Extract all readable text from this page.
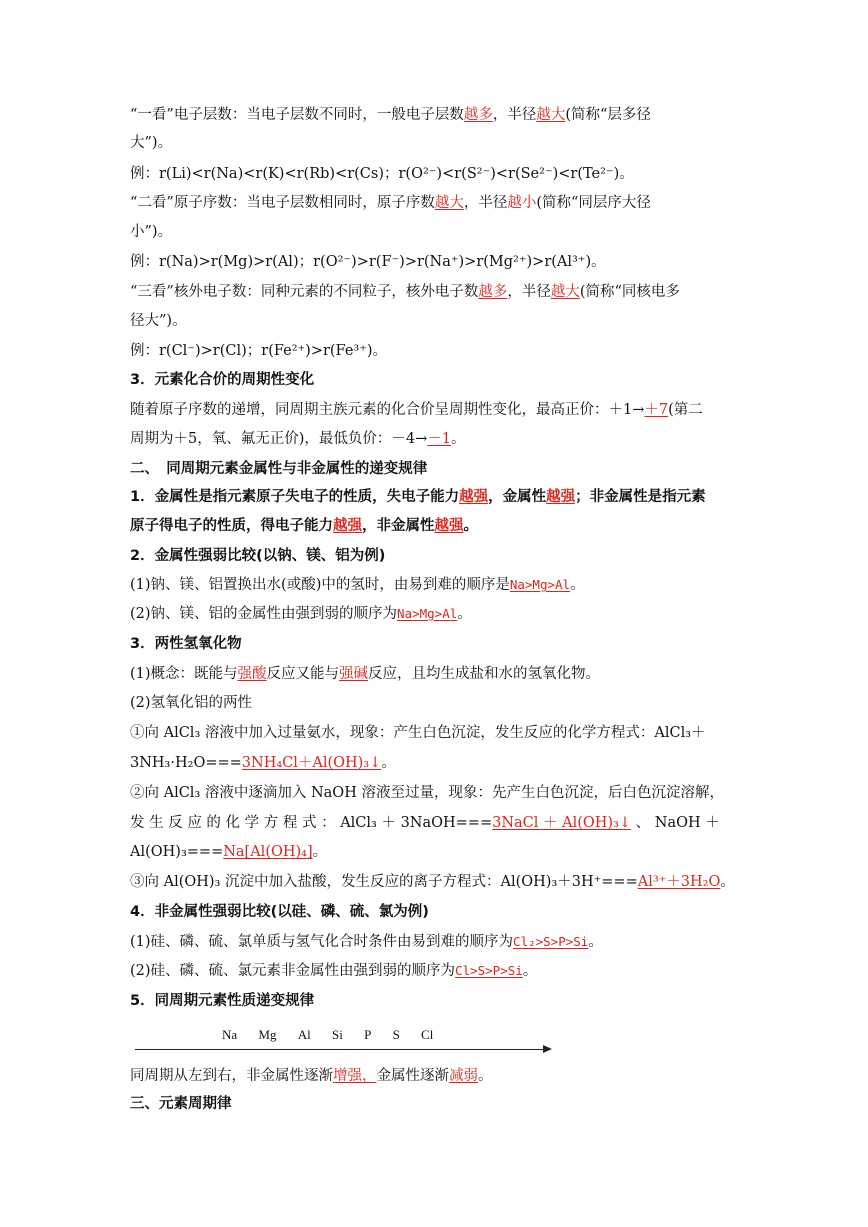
“一看”电子层数：当电子层数不同时，一般电子层数越多，半径越大(简称“层多径
大”)。
例：r(Li)<r(Na)<r(K)<r(Rb)<r(Cs)；r(O²⁻)<r(S²⁻)<r(Se²⁻)<r(Te²⁻)。
“二看”原子序数：当电子层数相同时，原子序数越大，半径越小(简称“同层序大径
小”)。
例：r(Na)>r(Mg)>r(Al)；r(O²⁻)>r(F⁻)>r(Na⁺)>r(Mg²⁺)>r(Al³⁺)。
“三看”核外电子数：同种元素的不同粒子，核外电子数越多，半径越大(简称“同核电多
径大”)。
例：r(Cl⁻)>r(Cl)；r(Fe²⁺)>r(Fe³⁺)。
3．元素化合价的周期性变化
随着原子序数的递增，同周期主族元素的化合价呈周期性变化，最高正价：＋1→＋7(第二
周期为＋5，氧、氟无正价)，最低负价：－4→－1。
二、　同周期元素金属性与非金属性的递变规律
1．金属性是指元素原子失电子的性质，失电子能力越强，金属性越强；非金属性是指元素
原子得电子的性质，得电子能力越强，非金属性越强。
2．金属性强弱比较(以钠、镁、铝为例)
(1)钠、镁、铝置换出水(或酸)中的氢时，由易到难的顺序是Na>Mg>Al。
(2)钠、镁、铝的金属性由强到弱的顺序为Na>Mg>Al。
3．两性氢氧化物
(1)概念：既能与强酸反应又能与强碱反应，且均生成盐和水的氢氧化物。
(2)氢氧化铝的两性
①向 AlCl₃ 溶液中加入过量氨水，现象：产生白色沉淀，发生反应的化学方程式：AlCl₃＋
3NH₃·H₂O===3NH₄Cl＋Al(OH)₃↓。
②向 AlCl₃ 溶液中逐滴加入 NaOH 溶液至过量，现象：先产生白色沉淀，后白色沉淀溶解，
发 生 反 应 的 化 学 方 程 式 ： AlCl₃ ＋ 3NaOH===3NaCl ＋ Al(OH)₃↓ 、 NaOH ＋
Al(OH)₃===Na[Al(OH)₄]。
③向 Al(OH)₃ 沉淀中加入盐酸，发生反应的离子方程式：Al(OH)₃＋3H⁺===Al³⁺＋3H₂O。
4．非金属性强弱比较(以硅、磷、硫、氯为例)
(1)硅、磷、硫、氯单质与氢气化合时条件由易到难的顺序为Cl₂>S>P>Si。
(2)硅、磷、硫、氯元素非金属性由强到弱的顺序为Cl>S>P>Si。
5．同周期元素性质递变规律
Na Mg Al Si P S Cl
同周期从左到右，非金属性逐渐增强，金属性逐渐减弱。
三、元素周期律
